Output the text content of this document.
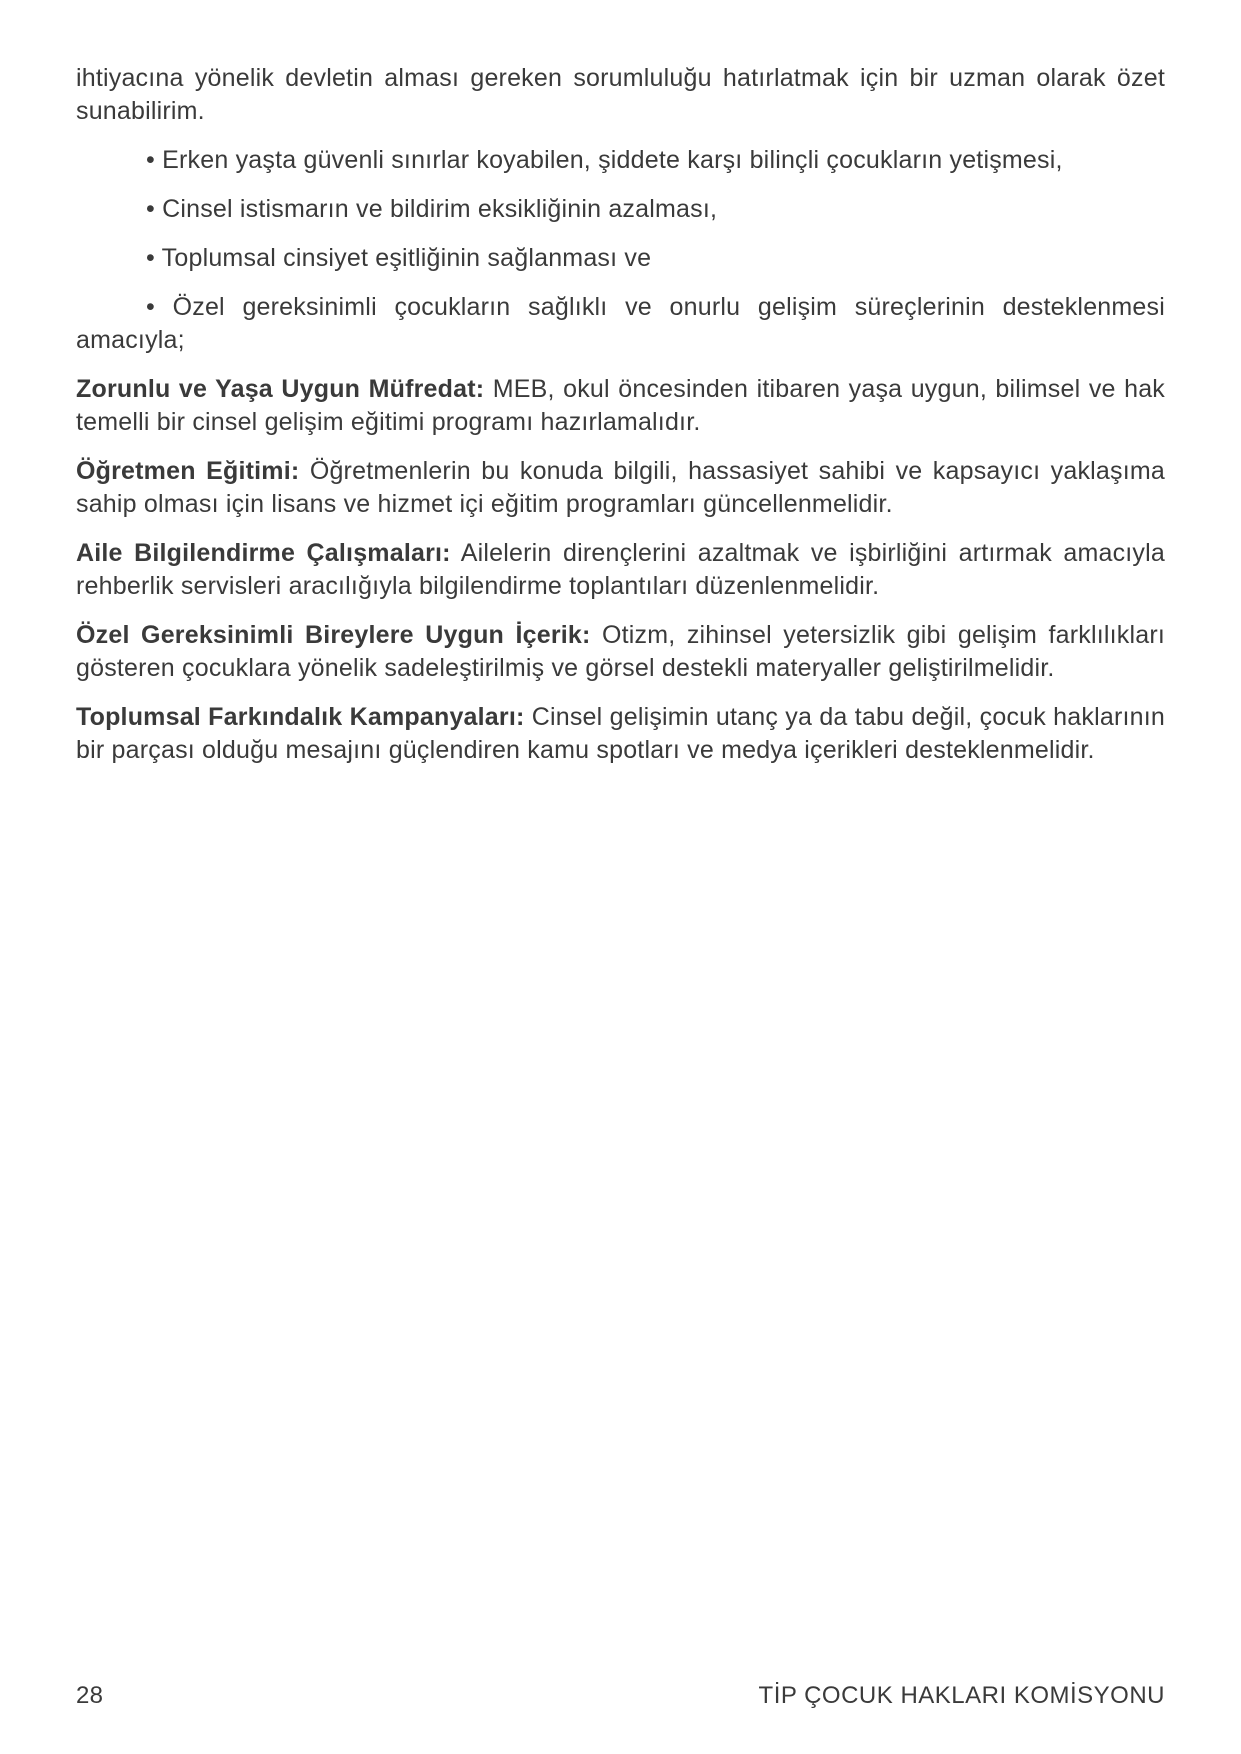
ihtiyacına yönelik devletin alması gereken sorumluluğu hatırlatmak için bir uzman olarak özet sunabilirim.

• Erken yaşta güvenli sınırlar koyabilen, şiddete karşı bilinçli çocukların yetişmesi,

• Cinsel istismarın ve bildirim eksikliğinin azalması,

• Toplumsal cinsiyet eşitliğinin sağlanması ve

• Özel gereksinimli çocukların sağlıklı ve onurlu gelişim süreçlerinin desteklenmesi amacıyla;

Zorunlu ve Yaşa Uygun Müfredat: MEB, okul öncesinden itibaren yaşa uygun, bilimsel ve hak temelli bir cinsel gelişim eğitimi programı hazırlamalıdır.

Öğretmen Eğitimi: Öğretmenlerin bu konuda bilgili, hassasiyet sahibi ve kapsayıcı yaklaşıma sahip olması için lisans ve hizmet içi eğitim programları güncellenmelidir.

Aile Bilgilendirme Çalışmaları: Ailelerin dirençlerini azaltmak ve işbirliğini artırmak amacıyla rehberlik servisleri aracılığıyla bilgilendirme toplantıları düzenlenmelidir.

Özel Gereksinimli Bireylere Uygun İçerik: Otizm, zihinsel yetersizlik gibi gelişim farklılıkları gösteren çocuklara yönelik sadeleştirilmiş ve görsel destekli materyaller geliştirilmelidir.

Toplumsal Farkındalık Kampanyaları: Cinsel gelişimin utanç ya da tabu değil, çocuk haklarının bir parçası olduğu mesajını güçlendiren kamu spotları ve medya içerikleri desteklenmelidir.

28	TİP ÇOCUK HAKLARI KOMİSYONU
